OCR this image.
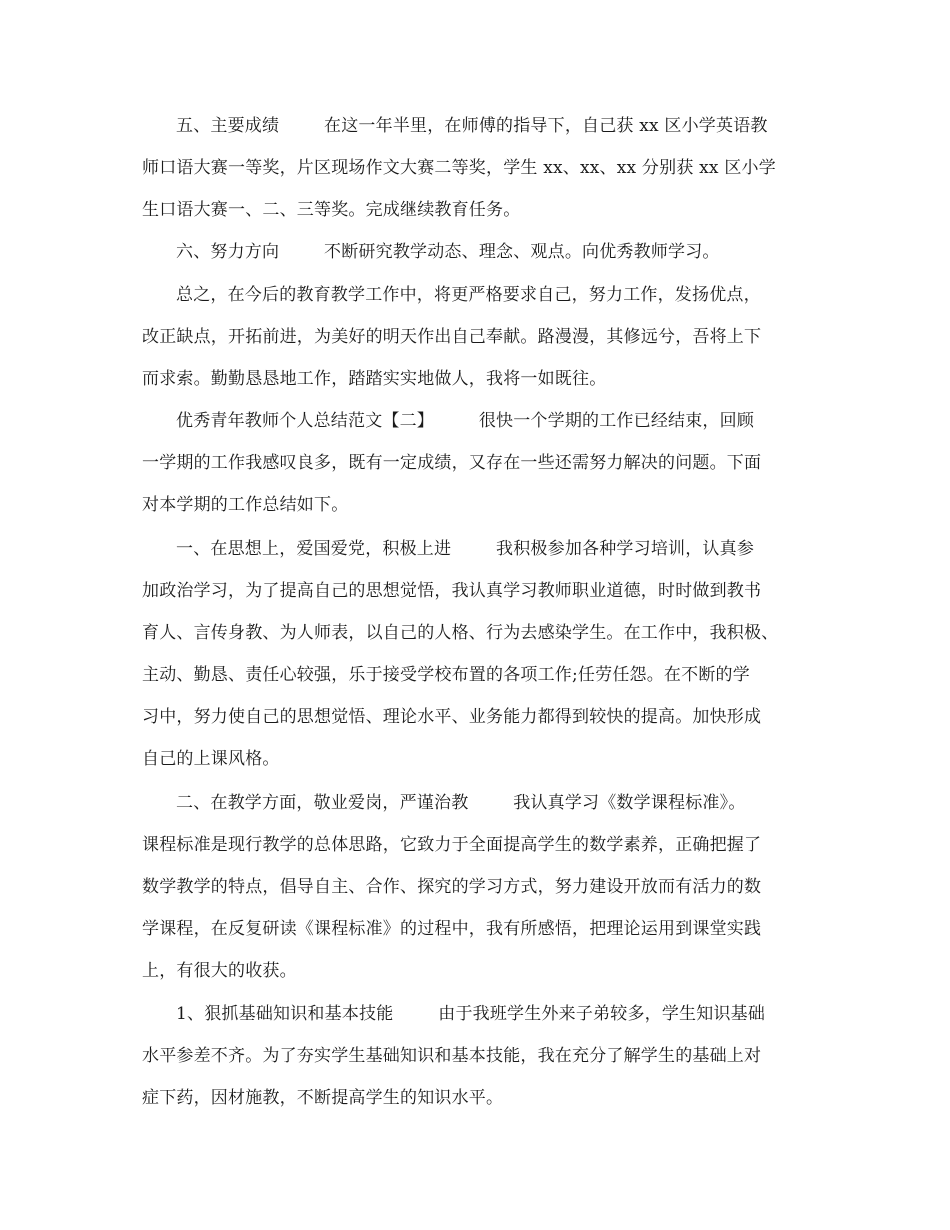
五、主要成绩        在这一年半里，在师傅的指导下，自己获 xx 区小学英语教
师口语大赛一等奖，片区现场作文大赛二等奖，学生 xx、xx、xx 分别获 xx 区小学
生口语大赛一、二、三等奖。完成继续教育任务。
六、努力方向        不断研究教学动态、理念、观点。向优秀教师学习。
总之，在今后的教育教学工作中，将更严格要求自己，努力工作，发扬优点，
改正缺点，开拓前进，为美好的明天作出自己奉献。路漫漫，其修远兮，吾将上下
而求索。勤勤恳恳地工作，踏踏实实地做人，我将一如既往。
优秀青年教师个人总结范文【二】        很快一个学期的工作已经结束，回顾
一学期的工作我感叹良多，既有一定成绩，又存在一些还需努力解决的问题。下面
对本学期的工作总结如下。
一、在思想上，爱国爱党，积极上进        我积极参加各种学习培训，认真参
加政治学习，为了提高自己的思想觉悟，我认真学习教师职业道德，时时做到教书
育人、言传身教、为人师表，以自己的人格、行为去感染学生。在工作中，我积极、
主动、勤恳、责任心较强，乐于接受学校布置的各项工作;任劳任怨。在不断的学
习中，努力使自己的思想觉悟、理论水平、业务能力都得到较快的提高。加快形成
自己的上课风格。
二、在教学方面，敬业爱岗，严谨治教        我认真学习《数学课程标准》。
课程标准是现行教学的总体思路，它致力于全面提高学生的数学素养，正确把握了
数学教学的特点，倡导自主、合作、探究的学习方式，努力建设开放而有活力的数
学课程，在反复研读《课程标准》的过程中，我有所感悟，把理论运用到课堂实践
上，有很大的收获。
1、狠抓基础知识和基本技能        由于我班学生外来子弟较多，学生知识基础
水平参差不齐。为了夯实学生基础知识和基本技能，我在充分了解学生的基础上对
症下药，因材施教，不断提高学生的知识水平。
